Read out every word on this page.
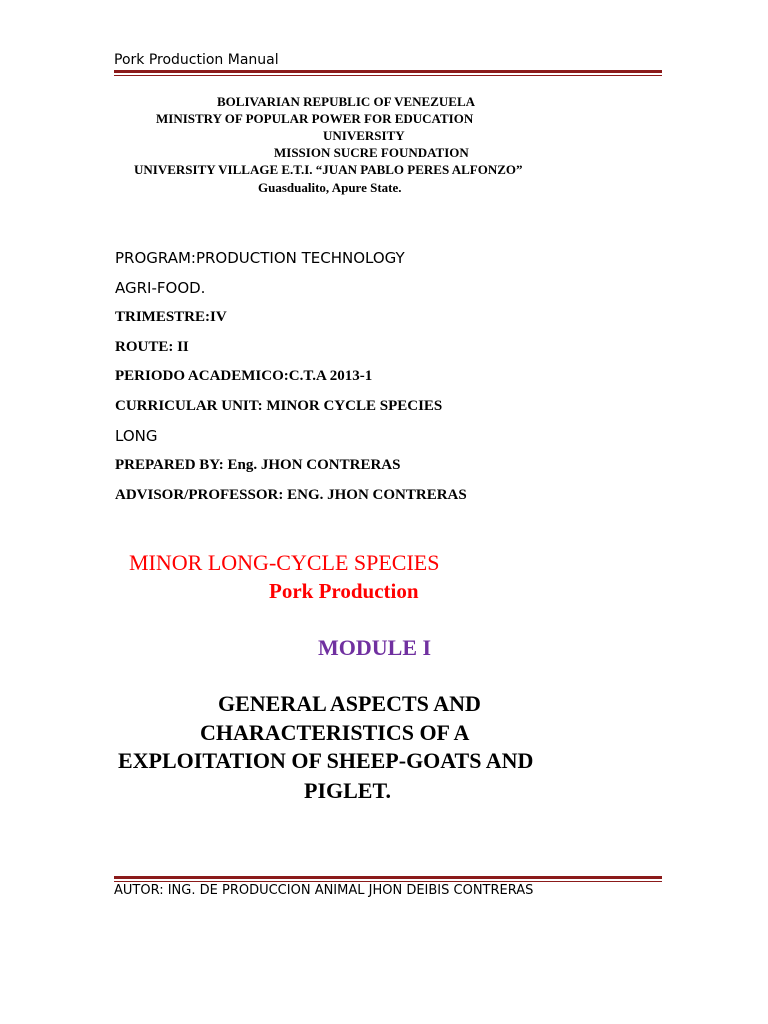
Pork Production Manual
BOLIVARIAN REPUBLIC OF VENEZUELA
MINISTRY OF POPULAR POWER FOR EDUCATION
UNIVERSITY
MISSION SUCRE FOUNDATION
UNIVERSITY VILLAGE E.T.I. “JUAN PABLO PERES ALFONZO”
Guasdualito, Apure State.
PROGRAM:PRODUCTION TECHNOLOGY
AGRI-FOOD.
TRIMESTRE:IV
ROUTE: II
PERIODO ACADEMICO:C.T.A 2013-1
CURRICULAR UNIT: MINOR CYCLE SPECIES
LONG
PREPARED BY: Eng. JHON CONTRERAS
ADVISOR/PROFESSOR: ENG. JHON CONTRERAS
MINOR LONG-CYCLE SPECIES
Pork Production
MODULE I
GENERAL ASPECTS AND
CHARACTERISTICS OF A
EXPLOITATION OF SHEEP-GOATS AND
PIGLET.
AUTOR: ING. DE PRODUCCION ANIMAL JHON DEIBIS CONTRERAS
